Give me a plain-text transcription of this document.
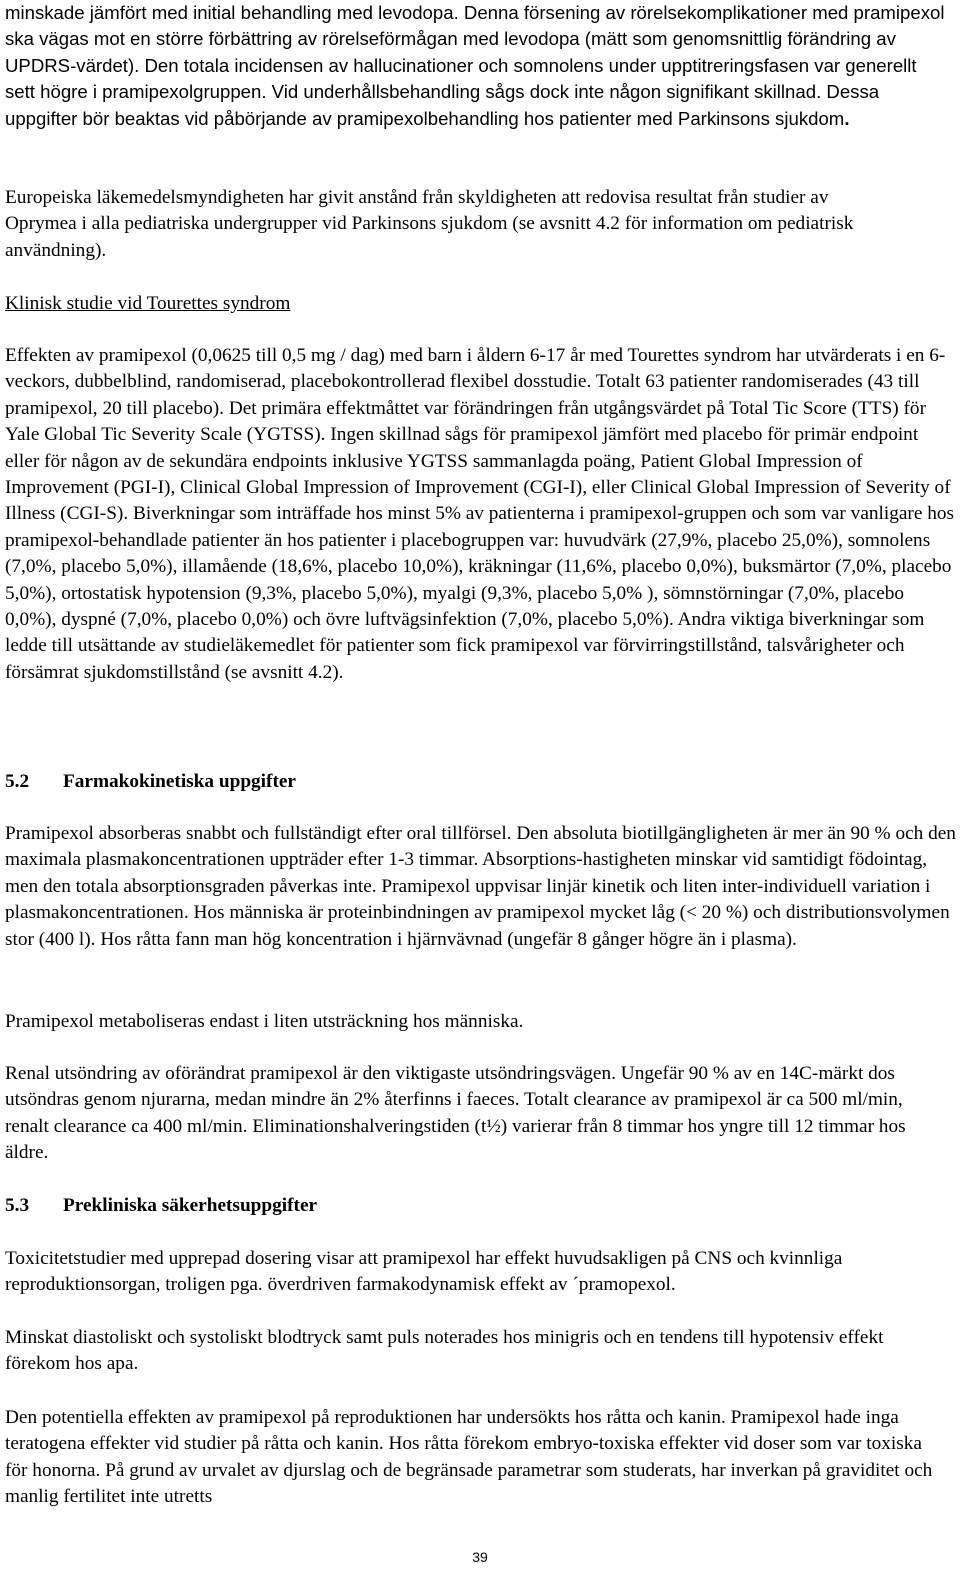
minskade jämfört med initial behandling med levodopa. Denna försening av rörelsekomplikationer med pramipexol ska vägas mot en större förbättring av rörelseförmågan med levodopa (mätt som genomsnittlig förändring av UPDRS-värdet). Den totala incidensen av hallucinationer och somnolens under upptitreringsfasen var generellt sett högre i pramipexolgruppen. Vid underhållsbehandling sågs dock inte någon signifikant skillnad. Dessa uppgifter bör beaktas vid påbörjande av pramipexolbehandling hos patienter med Parkinsons sjukdom.

Europeiska läkemedelsmyndigheten har givit anstånd från skyldigheten att redovisa resultat från studier av Oprymea i alla pediatriska undergrupper vid Parkinsons sjukdom (se avsnitt 4.2 för information om pediatrisk användning).

Klinisk studie vid Tourettes syndrom

Effekten av pramipexol (0,0625 till 0,5 mg / dag) med barn i åldern 6-17 år med Tourettes syndrom har utvärderats i en 6-veckors, dubbelblind, randomiserad, placebokontrollerad flexibel dosstudie. Totalt 63 patienter randomiserades (43 till pramipexol, 20 till placebo). Det primära effektmåttet var förändringen från utgångsvärdet på Total Tic Score (TTS) för Yale Global Tic Severity Scale (YGTSS). Ingen skillnad sågs för pramipexol jämfört med placebo för primär endpoint eller för någon av de sekundära endpoints inklusive YGTSS sammanlagda poäng, Patient Global Impression of Improvement (PGI-I), Clinical Global Impression of Improvement (CGI-I), eller Clinical Global Impression of Severity of Illness (CGI-S). Biverkningar som inträffade hos minst 5% av patienterna i pramipexol-gruppen och som var vanligare hos pramipexol-behandlade patienter än hos patienter i placebogruppen var: huvudvärk (27,9%, placebo 25,0%), somnolens (7,0%, placebo 5,0%), illamående (18,6%, placebo 10,0%), kräkningar (11,6%, placebo 0,0%), buksmärtor (7,0%, placebo 5,0%), ortostatisk hypotension (9,3%, placebo 5,0%), myalgi (9,3%, placebo 5,0% ), sömnstörningar (7,0%, placebo 0,0%), dyspné (7,0%, placebo 0,0%) och övre luftvägsinfektion (7,0%, placebo 5,0%). Andra viktiga biverkningar som ledde till utsättande av studieläkemedlet för patienter som fick pramipexol var förvirringstillstånd, talsvårigheter och försämrat sjukdomstillstånd (se avsnitt 4.2).

5.2	Farmakokinetiska uppgifter

Pramipexol absorberas snabbt och fullständigt efter oral tillförsel. Den absoluta biotillgängligheten är mer än 90 % och den maximala plasmakoncentrationen uppträder efter 1-3 timmar. Absorptions-hastigheten minskar vid samtidigt födointag, men den totala absorptionsgraden påverkas inte. Pramipexol uppvisar linjär kinetik och liten inter-individuell variation i plasmakoncentrationen. Hos människa är proteinbindningen av pramipexol mycket låg (< 20 %) och distributionsvolymen stor (400 l). Hos råtta fann man hög koncentration i hjärnvävnad (ungefär 8 gånger högre än i plasma).

Pramipexol metaboliseras endast i liten utsträckning hos människa.

Renal utsöndring av oförändrat pramipexol är den viktigaste utsöndringsvägen. Ungefär 90 % av en 14C-märkt dos utsöndras genom njurarna, medan mindre än 2% återfinns i faeces. Totalt clearance av pramipexol är ca 500 ml/min, renalt clearance ca 400 ml/min. Eliminationshalveringstiden (t½) varierar från 8 timmar hos yngre till 12 timmar hos äldre.

5.3	Prekliniska säkerhetsuppgifter

Toxicitetstudier med upprepad dosering visar att pramipexol har effekt huvudsakligen på CNS och kvinnliga reproduktionsorgan, troligen pga. överdriven farmakodynamisk effekt av ´pramopexol.

Minskat diastoliskt och systoliskt blodtryck samt puls noterades hos minigris och en tendens till hypotensiv effekt förekom hos apa.

Den potentiella effekten av pramipexol på reproduktionen har undersökts hos råtta och kanin. Pramipexol hade inga teratogena effekter vid studier på råtta och kanin. Hos råtta förekom embryo-toxiska effekter vid doser som var toxiska för honorna. På grund av urvalet av djurslag och de begränsade parametrar som studerats, har inverkan på graviditet och manlig fertilitet inte utretts

39
